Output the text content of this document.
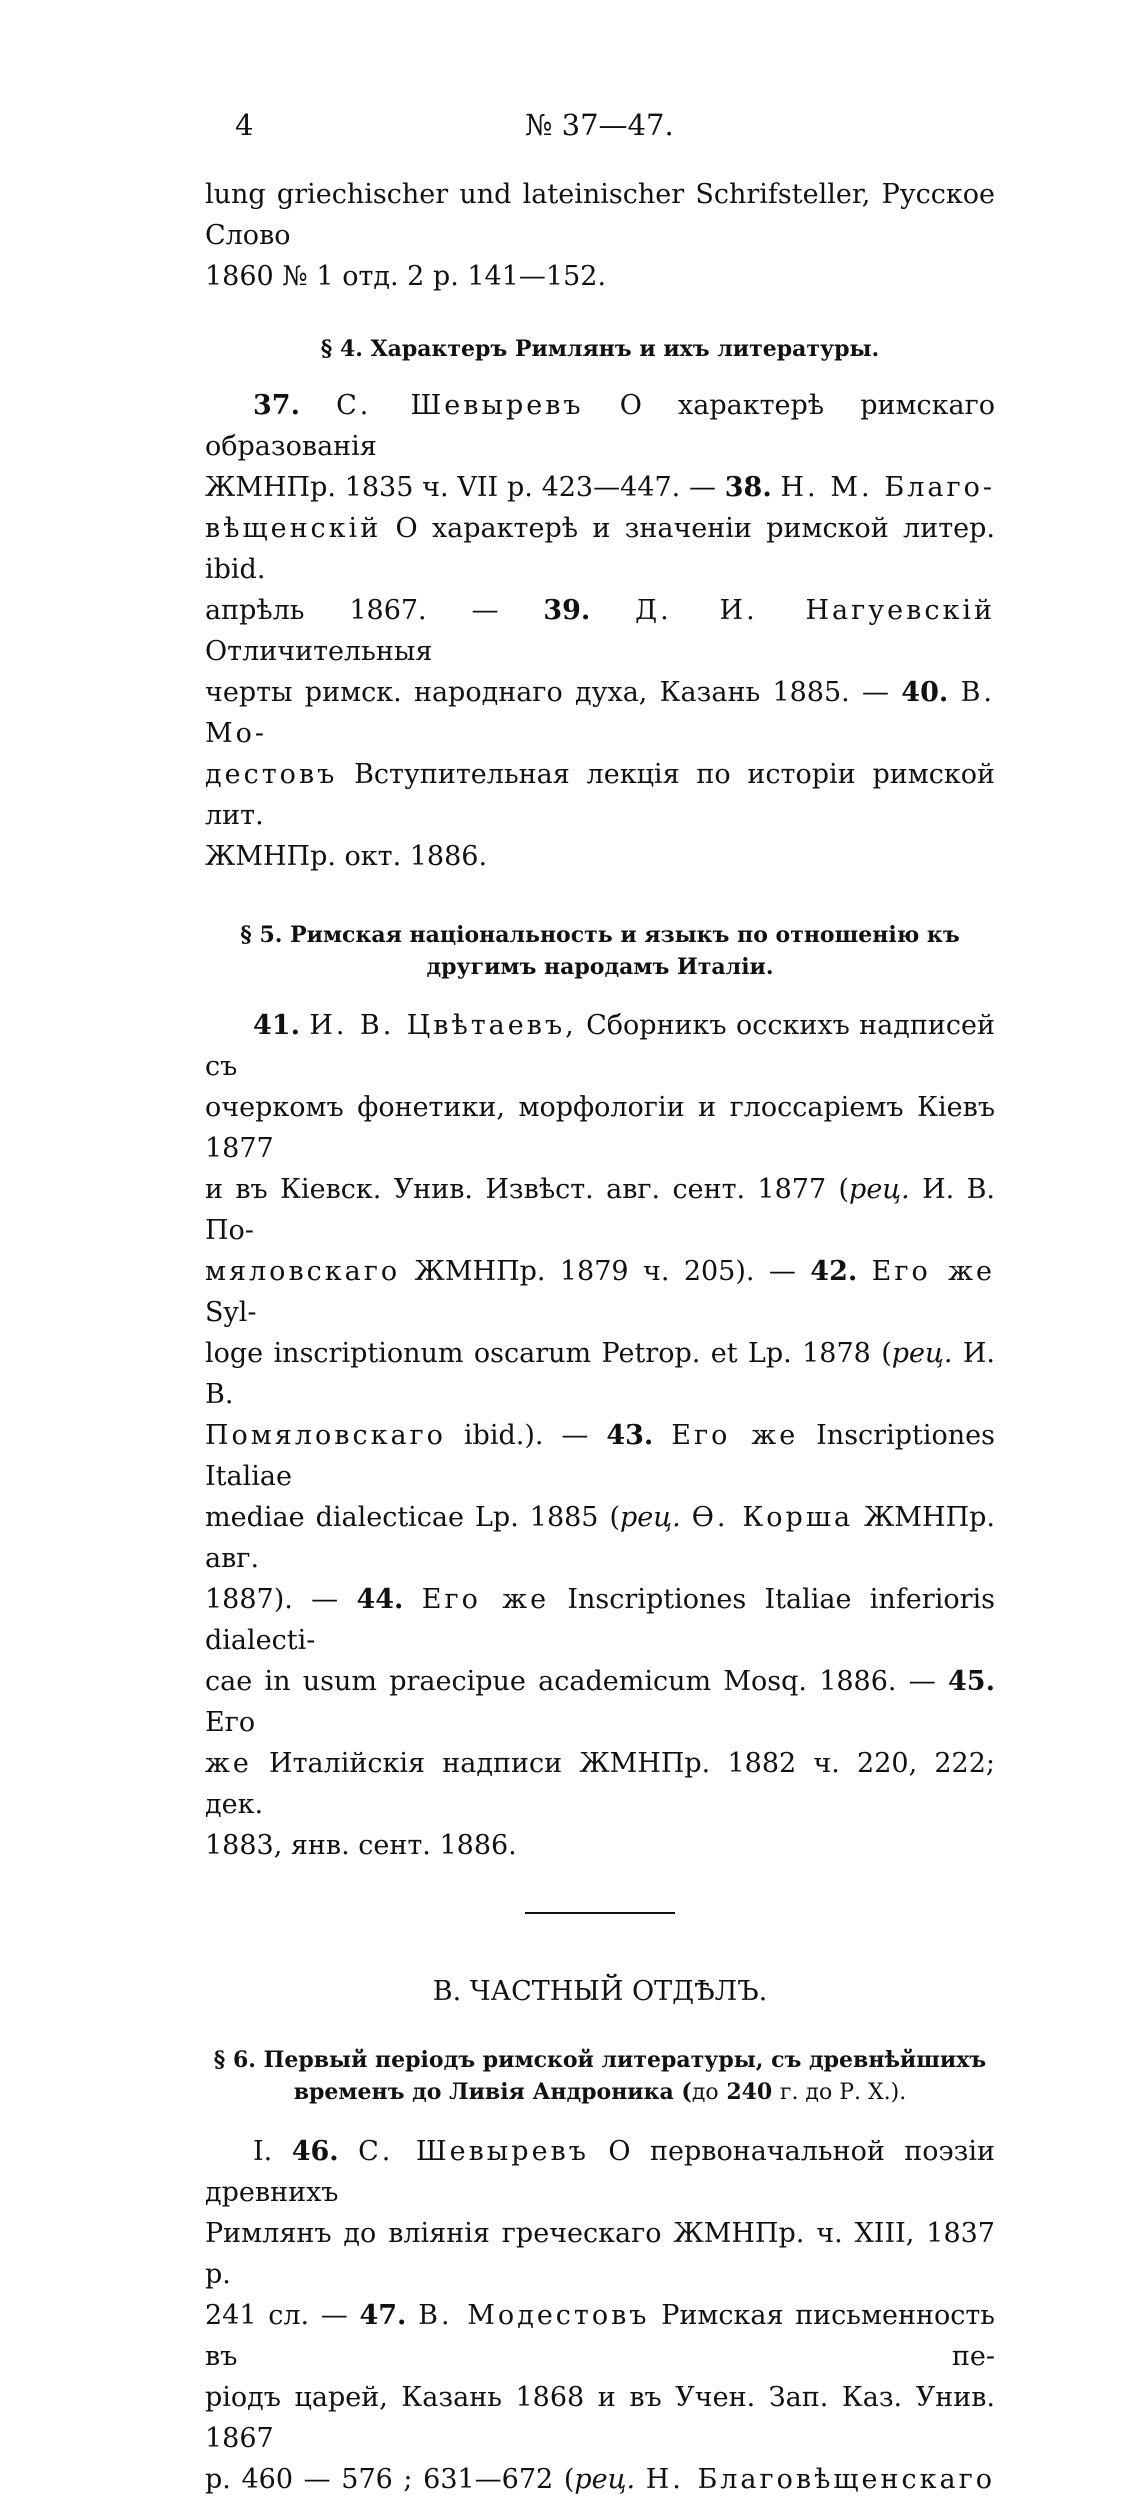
4	№ 37—47.

lung griechischer und lateinischer Schrifsteller, Русское Слово

1860 № 1 отд. 2 р. 141—152.

§ 4. Характеръ Римлянъ и ихъ литературы.

37. С. Шевыревъ О характерѣ римскаго образованія

ЖМНПр. 1835 ч. VII р. 423—447. — 38. Н. М. Благо-

вѣщенскій О характерѣ и значеніи римской литер. ibid.

апрѣль 1867. — 39. Д. И. Нагуевскій Отличительныя

черты римск. народнаго духа, Казань 1885. — 40. В. Мо-

дестовъ Вступительная лекція по исторіи римской лит.

ЖМНПр. окт. 1886.

§ 5. Римская національность и языкъ по отношенію къ
другимъ народамъ Италіи.

41. И. В. Цвѣтаевъ, Сборникъ осскихъ надписей съ

очеркомъ фонетики, морфологіи и глоссаріемъ Кіевъ 1877

и въ Кіевск. Унив. Извѣст. авг. сент. 1877 (рец. И. В. По-

мяловскаго ЖМНПр. 1879 ч. 205). — 42. Его же Syl-

loge inscriptionum oscarum Petrop. et Lp. 1878 (рец. И. В.

Помяловскаго ibid.). — 43. Его же Inscriptiones Italiae

mediae dialecticae Lp. 1885 (рец. Ѳ. Корша ЖМНПр. авг.

1887). — 44. Его же Inscriptiones Italiae inferioris dialecti-

cae in usum praecipue academicum Mosq. 1886. — 45. Его

же Италійскія надписи ЖМНПр. 1882 ч. 220, 222; дек.

1883, янв. сент. 1886.

В. ЧАСТНЫЙ ОТДѢЛЪ.
§ 6. Первый періодъ римской литературы, съ древнѣйшихъ
временъ до Ливія Андроника (до 240 г. до Р. Х.).

I. 46. С. Шевыревъ О первоначальной поэзіи древнихъ

Римлянъ до вліянія греческаго ЖМНПр. ч. XIII, 1837 р.

241 сл. — 47. В. Модестовъ Римская письменность въ пе-

ріодъ царей, Казань 1868 и въ Учен. Зап. Каз. Унив. 1867

р. 460 — 576 ; 631—672 (рец. Н. Благовѣщенскаго
